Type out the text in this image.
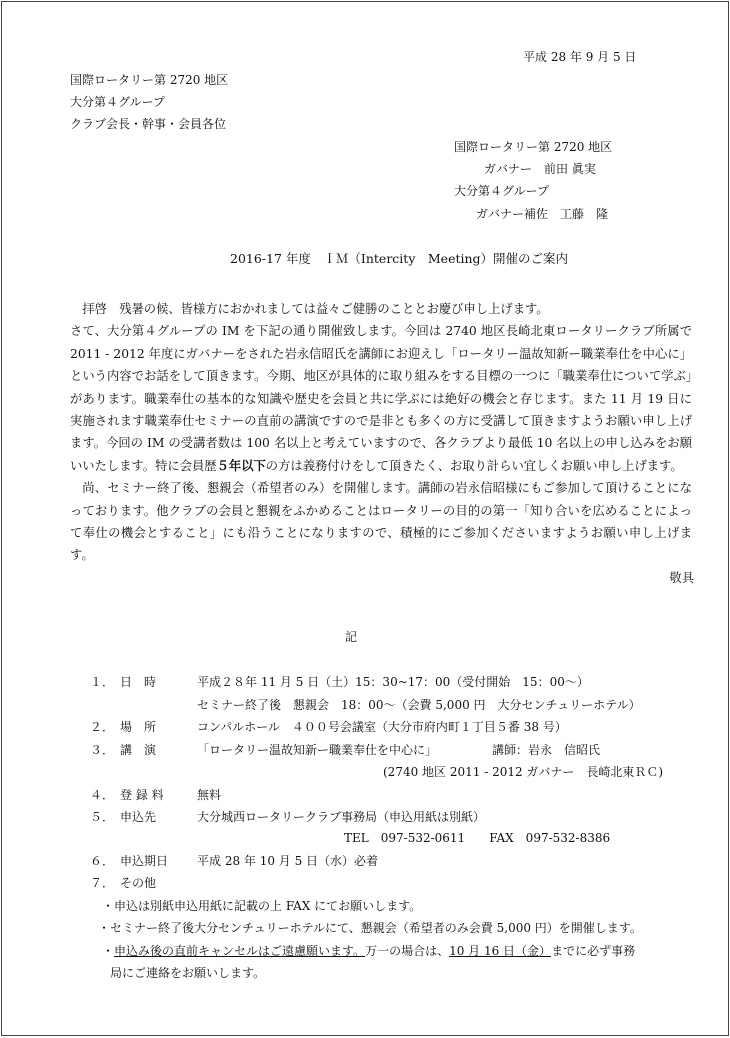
平成 28 年 9 月 5 日
国際ロータリー第 2720 地区
大分第４グループ
クラブ会長・幹事・会員各位
国際ロータリー第 2720 地区
ガバナー　前田 眞実
大分第４グループ
ガバナー補佐　工藤　隆
2016-17 年度　ＩＭ（Intercity　Meeting）開催のご案内

拝啓　残暑の候、皆様方におかれましては益々ご健勝のこととお慶び申し上げます。

さて、大分第４グループの IM を下記の通り開催致します。今回は 2740 地区長崎北東ロータリークラブ所属で 2011 - 2012 年度にガバナーをされた岩永信昭氏を講師にお迎えし「ロータリー温故知新ー職業奉仕を中心に」という内容でお話をして頂きます。今期、地区が具体的に取り組みをする目標の一つに「職業奉仕について学ぶ」があります。職業奉仕の基本的な知識や歴史を会員と共に学ぶには絶好の機会と存じます。また 11 月 19 日に実施されます職業奉仕セミナーの直前の講演ですので是非とも多くの方に受講して頂きますようお願い申し上げます。今回の IM の受講者数は 100 名以上と考えていますので、各クラブより最低 10 名以上の申し込みをお願いいたします。特に会員歴５年以下の方は義務付けをして頂きたく、お取り計らい宜しくお願い申し上げます。

尚、セミナー終了後、懇親会（希望者のみ）を開催します。講師の岩永信昭様にもご参加して頂けることになっております。他クラブの会員と懇親をふかめることはロータリーの目的の第一「知り合いを広めることによって奉仕の機会とすること」にも沿うことになりますので、積極的にご参加くださいますようお願い申し上げます。

敬具

記
１． 日　時	平成２８年 11 月 5 日（土）15：30~17：00（受付開始　15：00～）
セミナー終了後　懇親会　18：00～（会費 5,000 円　大分センチュリーホテル）
２． 場　所	コンパルホール　４００号会議室（大分市府内町１丁目５番 38 号）
３． 講　演	「ロータリー温故知新ー職業奉仕を中心に」	講師：岩永　信昭氏
(2740 地区 2011 - 2012 ガバナー　長崎北東ＲＣ)
４． 登 録 料	無料
５． 申込先	大分城西ロータリークラブ事務局（申込用紙は別紙）
TEL　097-532-0611　　FAX　097-532-8386
６． 申込期日 平成 28 年 10 月 5 日（水）必着
７． その他
・申込は別紙申込用紙に記載の上 FAX にてお願いします。
・セミナー終了後大分センチュリーホテルにて、懇親会（希望者のみ会費 5,000 円）を開催します。
・申込み後の直前キャンセルはご遠慮願います。万一の場合は、10 月 16 日（金）までに必ず事務
局にご連絡をお願いします。
